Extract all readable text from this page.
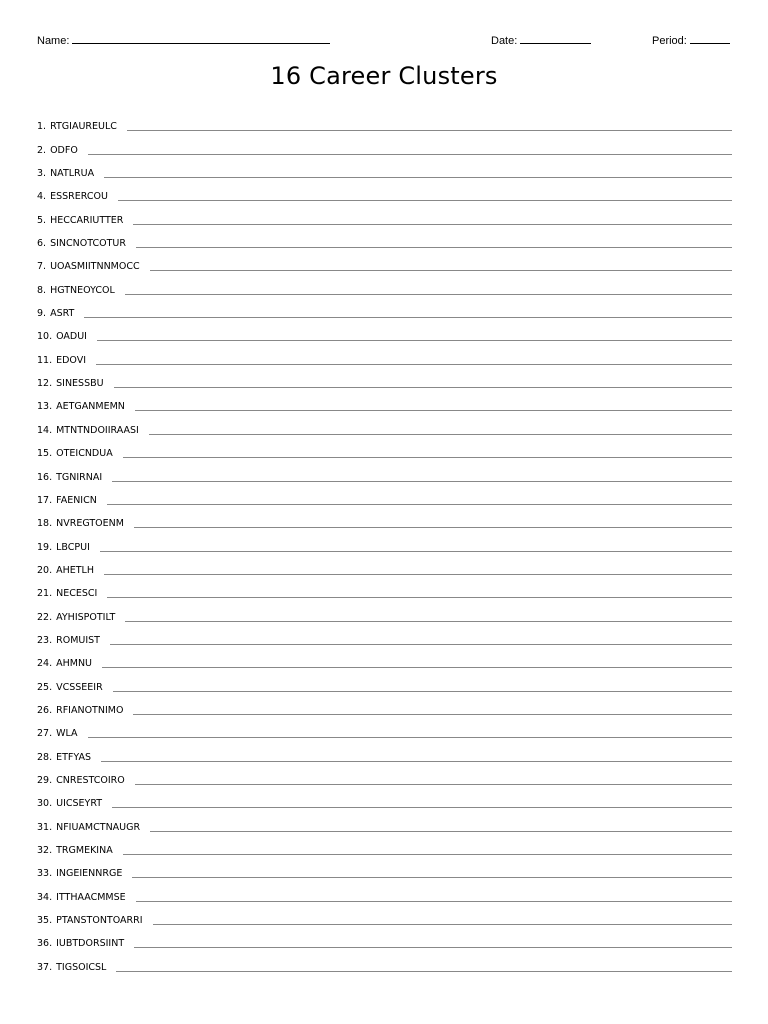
Name:	Date:	Period:
16 Career Clusters
1. RTGIAUREULC
2. ODFO
3. NATLRUA
4. ESSRERCOU
5. HECCARIUTTER
6. SINCNOTCOTUR
7. UOASMIITNNMOCC
8. HGTNEOYCOL
9. ASRT
10. OADUI
11. EDOVI
12. SINESSBU
13. AETGANMEMN
14. MTNTNDOIIRAASI
15. OTEICNDUA
16. TGNIRNAI
17. FAENICN
18. NVREGTOENM
19. LBCPUI
20. AHETLH
21. NECESCI
22. AYHISPOTILT
23. ROMUIST
24. AHMNU
25. VCSSEEIR
26. RFIANOTNIMO
27. WLA
28. ETFYAS
29. CNRESTCOIRO
30. UICSEYRT
31. NFIUAMCTNAUGR
32. TRGMEKINA
33. INGEIENNRGE
34. ITTHAACMMSE
35. PTANSTONTOARRI
36. IUBTDORSIINT
37. TIGSOICSL
